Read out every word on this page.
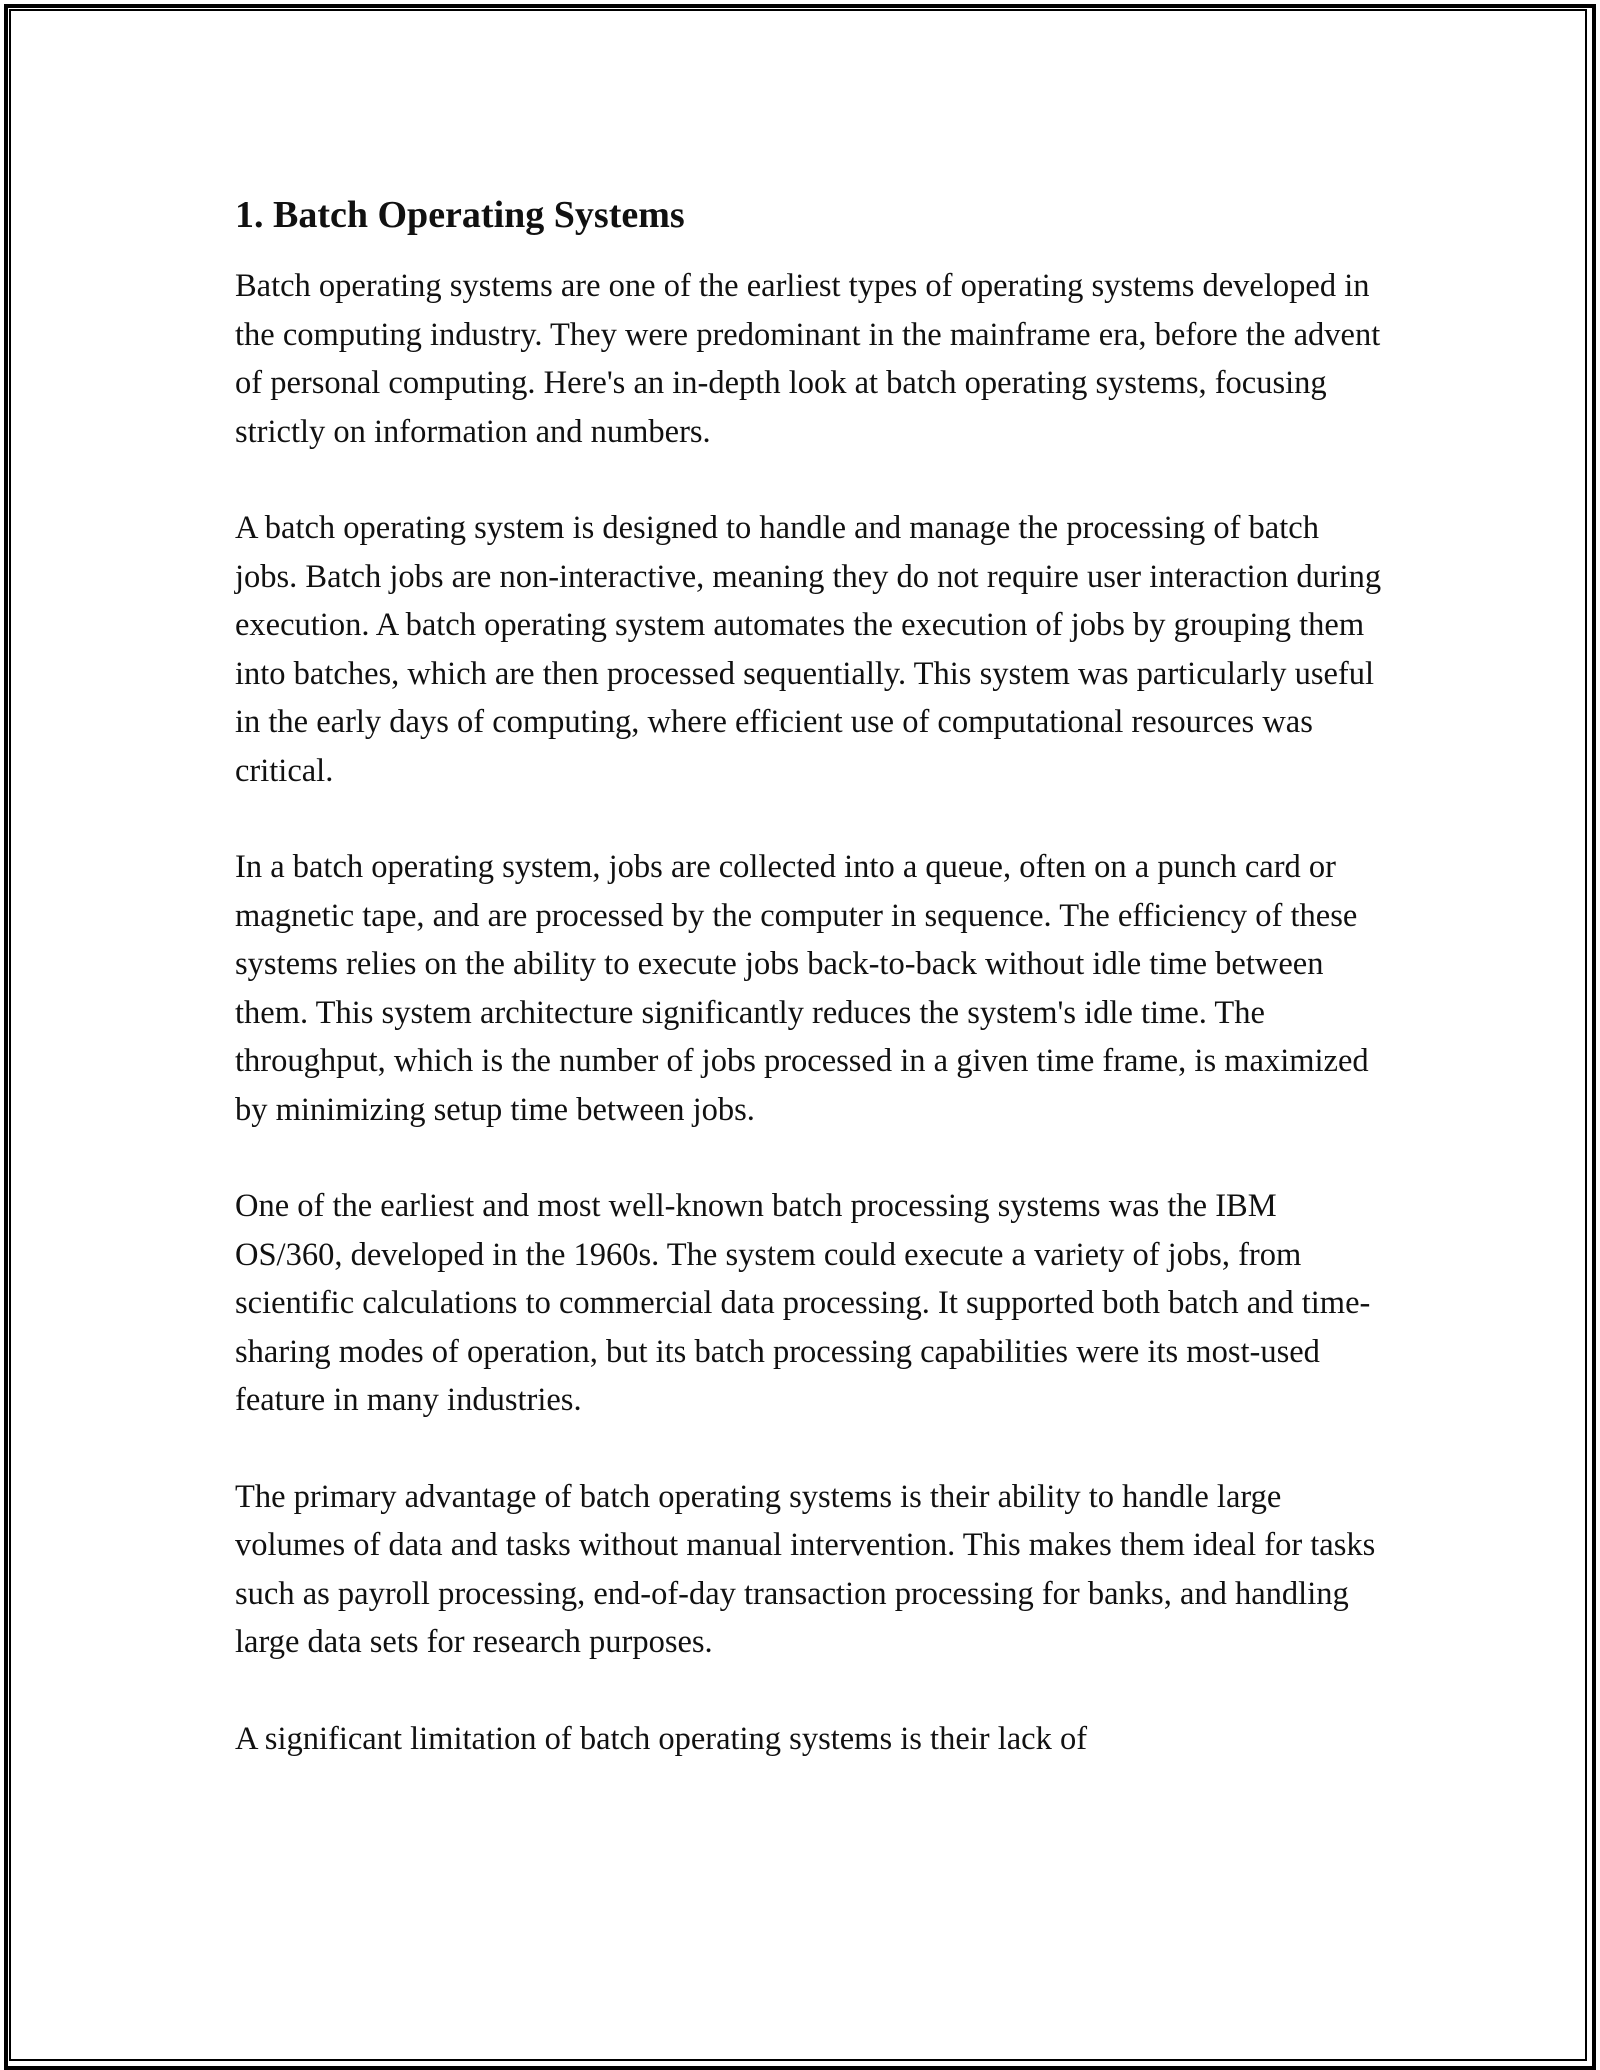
1. Batch Operating Systems

Batch operating systems are one of the earliest types of operating systems developed in the computing industry. They were predominant in the mainframe era, before the advent of personal computing. Here's an in-depth look at batch operating systems, focusing strictly on information and numbers.

A batch operating system is designed to handle and manage the processing of batch jobs. Batch jobs are non-interactive, meaning they do not require user interaction during execution. A batch operating system automates the execution of jobs by grouping them into batches, which are then processed sequentially. This system was particularly useful in the early days of computing, where efficient use of computational resources was critical.

In a batch operating system, jobs are collected into a queue, often on a punch card or magnetic tape, and are processed by the computer in sequence. The efficiency of these systems relies on the ability to execute jobs back-to-back without idle time between them. This system architecture significantly reduces the system's idle time. The throughput, which is the number of jobs processed in a given time frame, is maximized by minimizing setup time between jobs.

One of the earliest and most well-known batch processing systems was the IBM OS/360, developed in the 1960s. The system could execute a variety of jobs, from scientific calculations to commercial data processing. It supported both batch and time-sharing modes of operation, but its batch processing capabilities were its most-used feature in many industries.

The primary advantage of batch operating systems is their ability to handle large volumes of data and tasks without manual intervention. This makes them ideal for tasks such as payroll processing, end-of-day transaction processing for banks, and handling large data sets for research purposes.

A significant limitation of batch operating systems is their lack of
